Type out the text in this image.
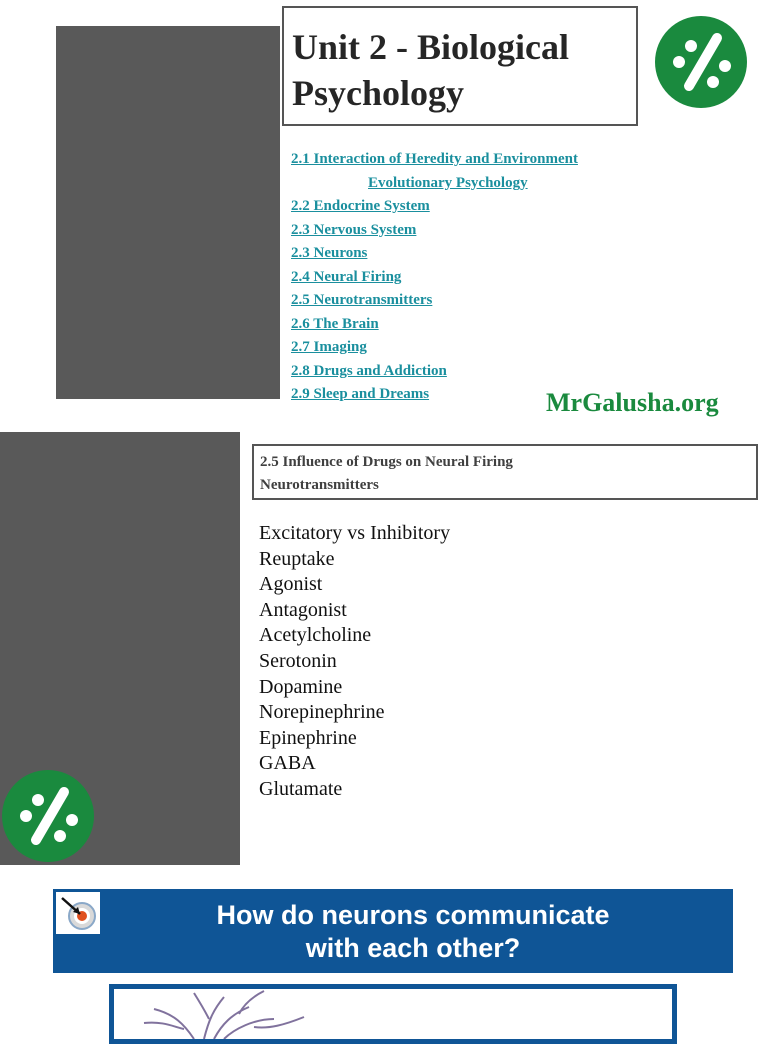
Unit 2 - Biological
Psychology
2.1 Interaction of Heredity and Environment
Evolutionary Psychology
2.2 Endocrine System
2.3 Nervous System
2.3 Neurons
2.4 Neural Firing
2.5 Neurotransmitters
2.6 The Brain
2.7 Imaging
2.8 Drugs and Addiction
2.9 Sleep and Dreams	MrGalusha.org
2.5 Influence of Drugs on Neural Firing
Neurotransmitters
Excitatory vs Inhibitory
Reuptake
Agonist
Antagonist
Acetylcholine
Serotonin
Dopamine
Norepinephrine
Epinephrine
GABA
Glutamate
How do neurons communicate
with each other?
